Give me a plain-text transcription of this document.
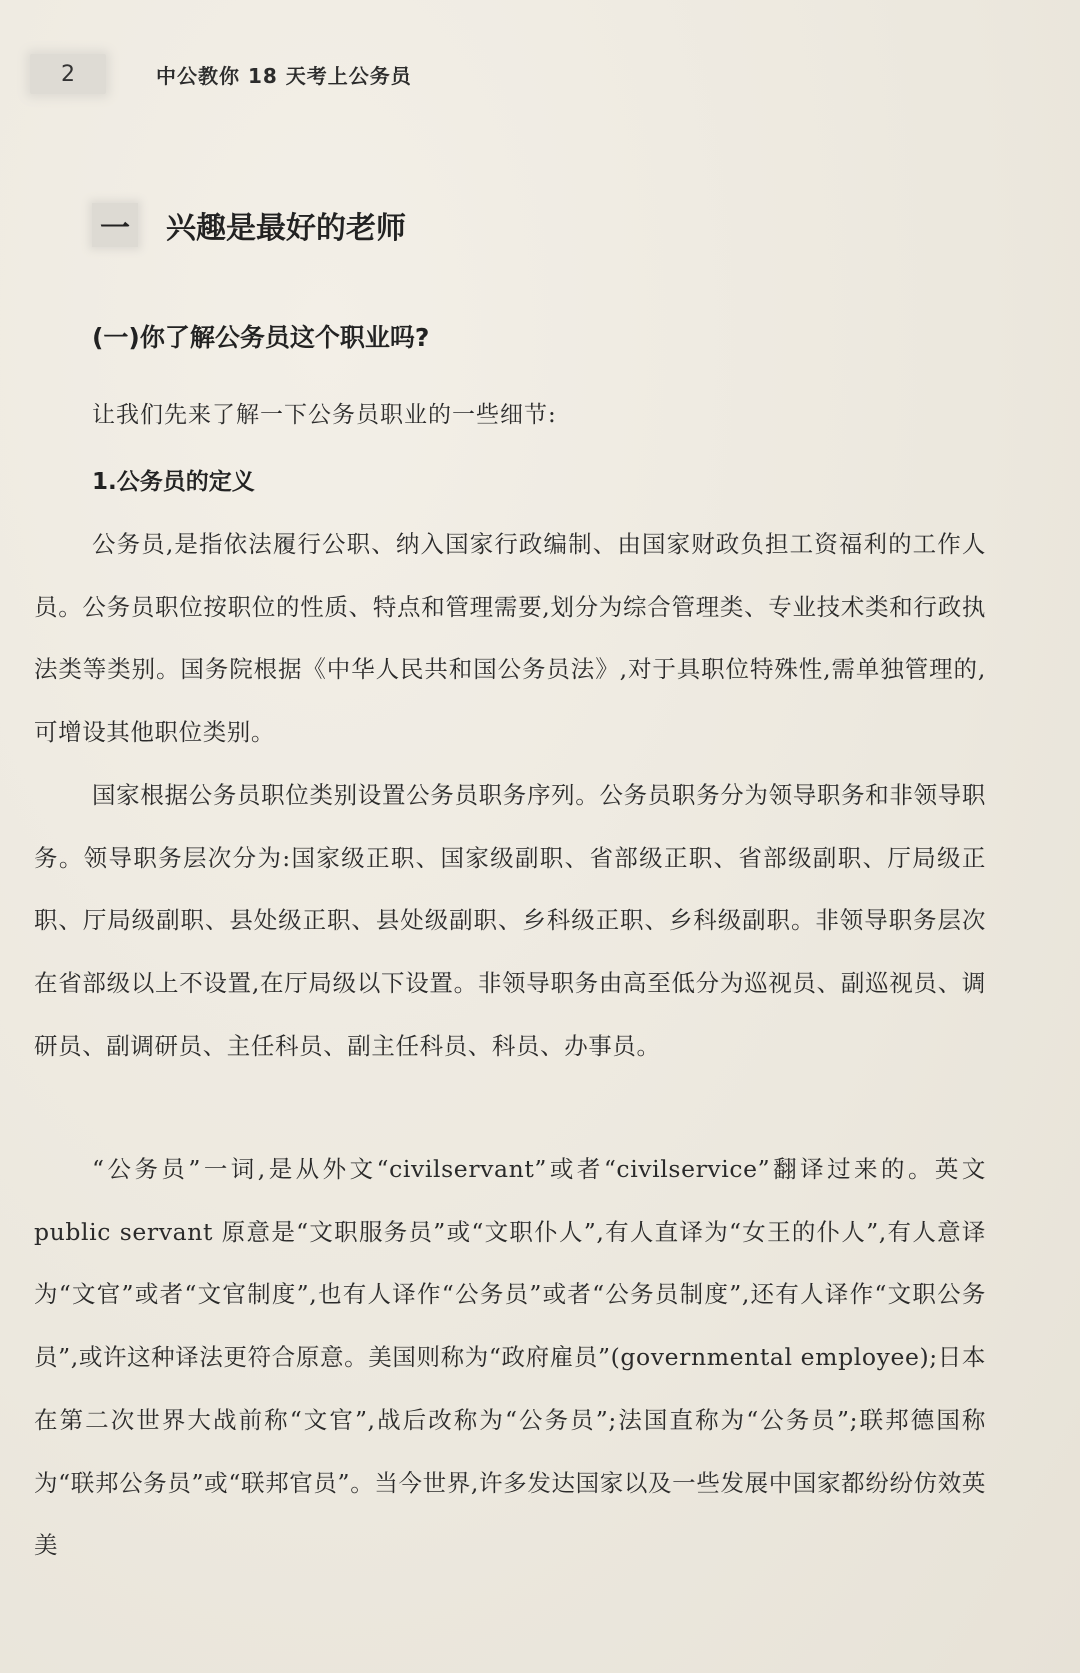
2	中公教你 18 天考上公务员
一 兴趣是最好的老师
(一)你了解公务员这个职业吗?
让我们先来了解一下公务员职业的一些细节:
1.公务员的定义

公务员,是指依法履行公职、纳入国家行政编制、由国家财政负担工资福利的工作人员。公务员职位按职位的性质、特点和管理需要,划分为综合管理类、专业技术类和行政执法类等类别。国务院根据《中华人民共和国公务员法》,对于具职位特殊性,需单独管理的,可增设其他职位类别。

国家根据公务员职位类别设置公务员职务序列。公务员职务分为领导职务和非领导职务。领导职务层次分为:国家级正职、国家级副职、省部级正职、省部级副职、厅局级正职、厅局级副职、县处级正职、县处级副职、乡科级正职、乡科级副职。非领导职务层次在省部级以上不设置,在厅局级以下设置。非领导职务由高至低分为巡视员、副巡视员、调研员、副调研员、主任科员、副主任科员、科员、办事员。

“公务员”一词,是从外文“civilservant”或者“civilservice”翻译过来的。英文 public servant 原意是“文职服务员”或“文职仆人”,有人直译为“女王的仆人”,有人意译为“文官”或者“文官制度”,也有人译作“公务员”或者“公务员制度”,还有人译作“文职公务员”,或许这种译法更符合原意。美国则称为“政府雇员”(governmental employee);日本在第二次世界大战前称“文官”,战后改称为“公务员”;法国直称为“公务员”;联邦德国称为“联邦公务员”或“联邦官员”。当今世界,许多发达国家以及一些发展中国家都纷纷仿效英美
